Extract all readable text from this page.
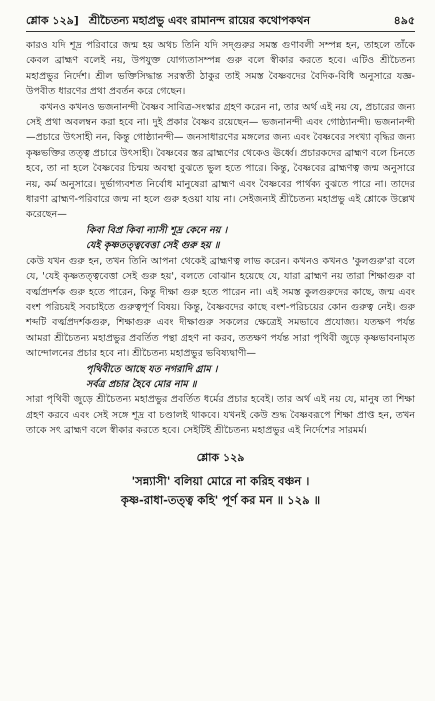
শ্লোক ১২৯] শ্রীচৈতন্য মহাপ্রভু এবং রামানন্দ রায়ের কথোপকথন	৪৯৫

কারও যদি শূদ্র পরিবারে জন্ম হয় অথচ তিনি যদি সদ্‌গুরুর সমস্ত গুণাবলী সম্পন্ন হন, তাহলে তাঁকে কেবল ব্রাহ্মণ বলেই নয়, উপযুক্ত যোগ্যতাসম্পন্ন গুরু বলে স্বীকার করতে হবে। এটিও শ্রীচৈতন্য মহাপ্রভুর নির্দেশ। শ্রীল ভক্তিসিদ্ধান্ত সরস্বতী ঠাকুর তাই সমস্ত বৈষ্ণবদের বৈদিক-বিধি অনুসারে যজ্ঞ-উপবীত ধারণের প্রথা প্রবর্তন করে গেছেন।

কখনও কখনও ভজনানন্দী বৈষ্ণব সাবিত্র-সংস্কার গ্রহণ করেন না, তার অর্থ এই নয় যে, প্রচারের জন্য সেই প্রথা অবলম্বন করা হবে না। দুই প্রকার বৈষ্ণব রয়েছেন— ভজনানন্দী এবং গোষ্ঠ্যানন্দী। ভজনানন্দী—প্রচারে উৎসাহী নন, কিন্তু গোষ্ঠ্যানন্দী— জনসাধারণের মঙ্গলের জন্য এবং বৈষ্ণবের সংখ্যা বৃদ্ধির জন্য কৃষ্ণভক্তির তত্ত্ব প্রচারে উৎসাহী। বৈষ্ণবের স্তর ব্রাহ্মণের থেকেও ঊর্ধ্বে। প্রচারকদের ব্রাহ্মণ বলে চিনতে হবে, তা না হলে বৈষ্ণবের চিন্ময় অবস্থা বুঝতে ভুল হতে পারে। কিন্তু, বৈষ্ণবের ব্রাহ্মণত্ব জন্ম অনুসারে নয়, কর্ম অনুসারে। দুর্ভাগ্যবশত নির্বোধ মানুষেরা ব্রাহ্মণ এবং বৈষ্ণবের পার্থক্য বুঝতে পারে না। তাদের ধারণা ব্রাহ্মণ-পরিবারে জন্ম না হলে গুরু হওয়া যায় না। সেইজন্যই শ্রীচৈতন্য মহাপ্রভু এই শ্লোকে উল্লেখ করেছেন—

কিবা বিপ্র কিবা ন্যাসী শূদ্র কেনে নয় ।
যেই কৃষ্ণতত্ত্ববেত্তা সেই গুরু হয় ॥

কেউ যখন গুরু হন, তখন তিনি আপনা থেকেই ব্রাহ্মণত্ব লাভ করেন। কখনও কখনও 'কুলগুরু'রা বলে যে, 'যেই কৃষ্ণতত্ত্ববেত্তা সেই গুরু হয়', বলতে বোঝান হয়েছে যে, যারা ব্রাহ্মণ নয় তারা শিক্ষাগুরু বা বর্ত্মপ্রদর্শক গুরু হতে পারেন, কিন্তু দীক্ষা গুরু হতে পারেন না। এই সমস্ত কুলগুরুদের কাছে, জন্ম এবং বংশ পরিচয়ই সবচাইতে গুরুত্বপূর্ণ বিষয়। কিন্তু, বৈষ্ণবদের কাছে বংশ-পরিচয়ের কোন গুরুত্ব নেই। গুরু শব্দটি বর্ত্মপ্রদর্শকগুরু, শিক্ষাগুরু এবং দীক্ষাগুরু সকলের ক্ষেত্রেই সমভাবে প্রযোজ্য। যতক্ষণ পর্যন্ত আমরা শ্রীচৈতন্য মহাপ্রভুর প্রবর্তিত পন্থা গ্রহণ না করব, ততক্ষণ পর্যন্ত সারা পৃথিবী জুড়ে কৃষ্ণভাবনামৃত আন্দোলনের প্রচার হবে না। শ্রীচৈতন্য মহাপ্রভুর ভবিষ্যদ্বাণী—

পৃথিবীতে আছে যত নগরাদি গ্রাম ।
সর্বত্র প্রচার হৈবে মোর নাম ॥

সারা পৃথিবী জুড়ে শ্রীচৈতন্য মহাপ্রভুর প্রবর্তিত ধর্মের প্রচার হবেই। তার অর্থ এই নয় যে, মানুষ তা শিক্ষা গ্রহণ করবে এবং সেই সঙ্গে শূদ্র বা চণ্ডালই থাকবে। যখনই কেউ শুদ্ধ বৈষ্ণবরূপে শিক্ষা প্রাপ্ত হন, তখন তাকে সৎ ব্রাহ্মণ বলে স্বীকার করতে হবে। সেইটিই শ্রীচৈতন্য মহাপ্রভুর এই নির্দেশের সারমর্ম।

শ্লোক ১২৯

'সন্ন্যাসী' বলিয়া মোরে না করিহ বঞ্চন ।

কৃষ্ণ-রাধা-তত্ত্ব কহি' পূর্ণ কর মন ॥ ১২৯ ॥
